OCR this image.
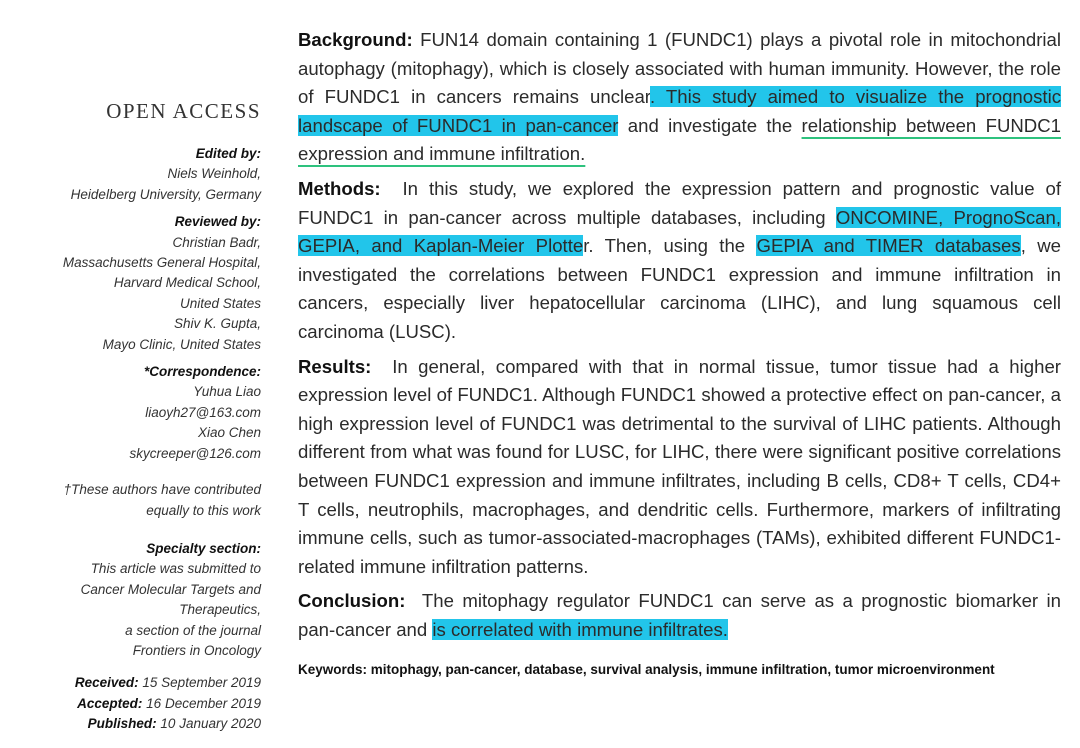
OPEN ACCESS
Edited by:
Niels Weinhold,
Heidelberg University, Germany
Reviewed by:
Christian Badr,
Massachusetts General Hospital,
Harvard Medical School,
United States
Shiv K. Gupta,
Mayo Clinic, United States
*Correspondence:
Yuhua Liao
liaoyh27@163.com
Xiao Chen
skycreeper@126.com
†These authors have contributed
equally to this work
Specialty section:
This article was submitted to
Cancer Molecular Targets and
Therapeutics,
a section of the journal
Frontiers in Oncology
Received: 15 September 2019
Accepted: 16 December 2019
Published: 10 January 2020

Background: FUN14 domain containing 1 (FUNDC1) plays a pivotal role in mitochondrial autophagy (mitophagy), which is closely associated with human immunity. However, the role of FUNDC1 in cancers remains unclear. This study aimed to visualize the prognostic landscape of FUNDC1 in pan-cancer and investigate the relationship between FUNDC1 expression and immune infiltration.

Methods: In this study, we explored the expression pattern and prognostic value of FUNDC1 in pan-cancer across multiple databases, including ONCOMINE, PrognoScan, GEPIA, and Kaplan-Meier Plotter. Then, using the GEPIA and TIMER databases, we investigated the correlations between FUNDC1 expression and immune infiltration in cancers, especially liver hepatocellular carcinoma (LIHC), and lung squamous cell carcinoma (LUSC).

Results: In general, compared with that in normal tissue, tumor tissue had a higher expression level of FUNDC1. Although FUNDC1 showed a protective effect on pan-cancer, a high expression level of FUNDC1 was detrimental to the survival of LIHC patients. Although different from what was found for LUSC, for LIHC, there were significant positive correlations between FUNDC1 expression and immune infiltrates, including B cells, CD8+ T cells, CD4+ T cells, neutrophils, macrophages, and dendritic cells. Furthermore, markers of infiltrating immune cells, such as tumor-associated-macrophages (TAMs), exhibited different FUNDC1-related immune infiltration patterns.

Conclusion: The mitophagy regulator FUNDC1 can serve as a prognostic biomarker in pan-cancer and is correlated with immune infiltrates.

Keywords: mitophagy, pan-cancer, database, survival analysis, immune infiltration, tumor microenvironment
